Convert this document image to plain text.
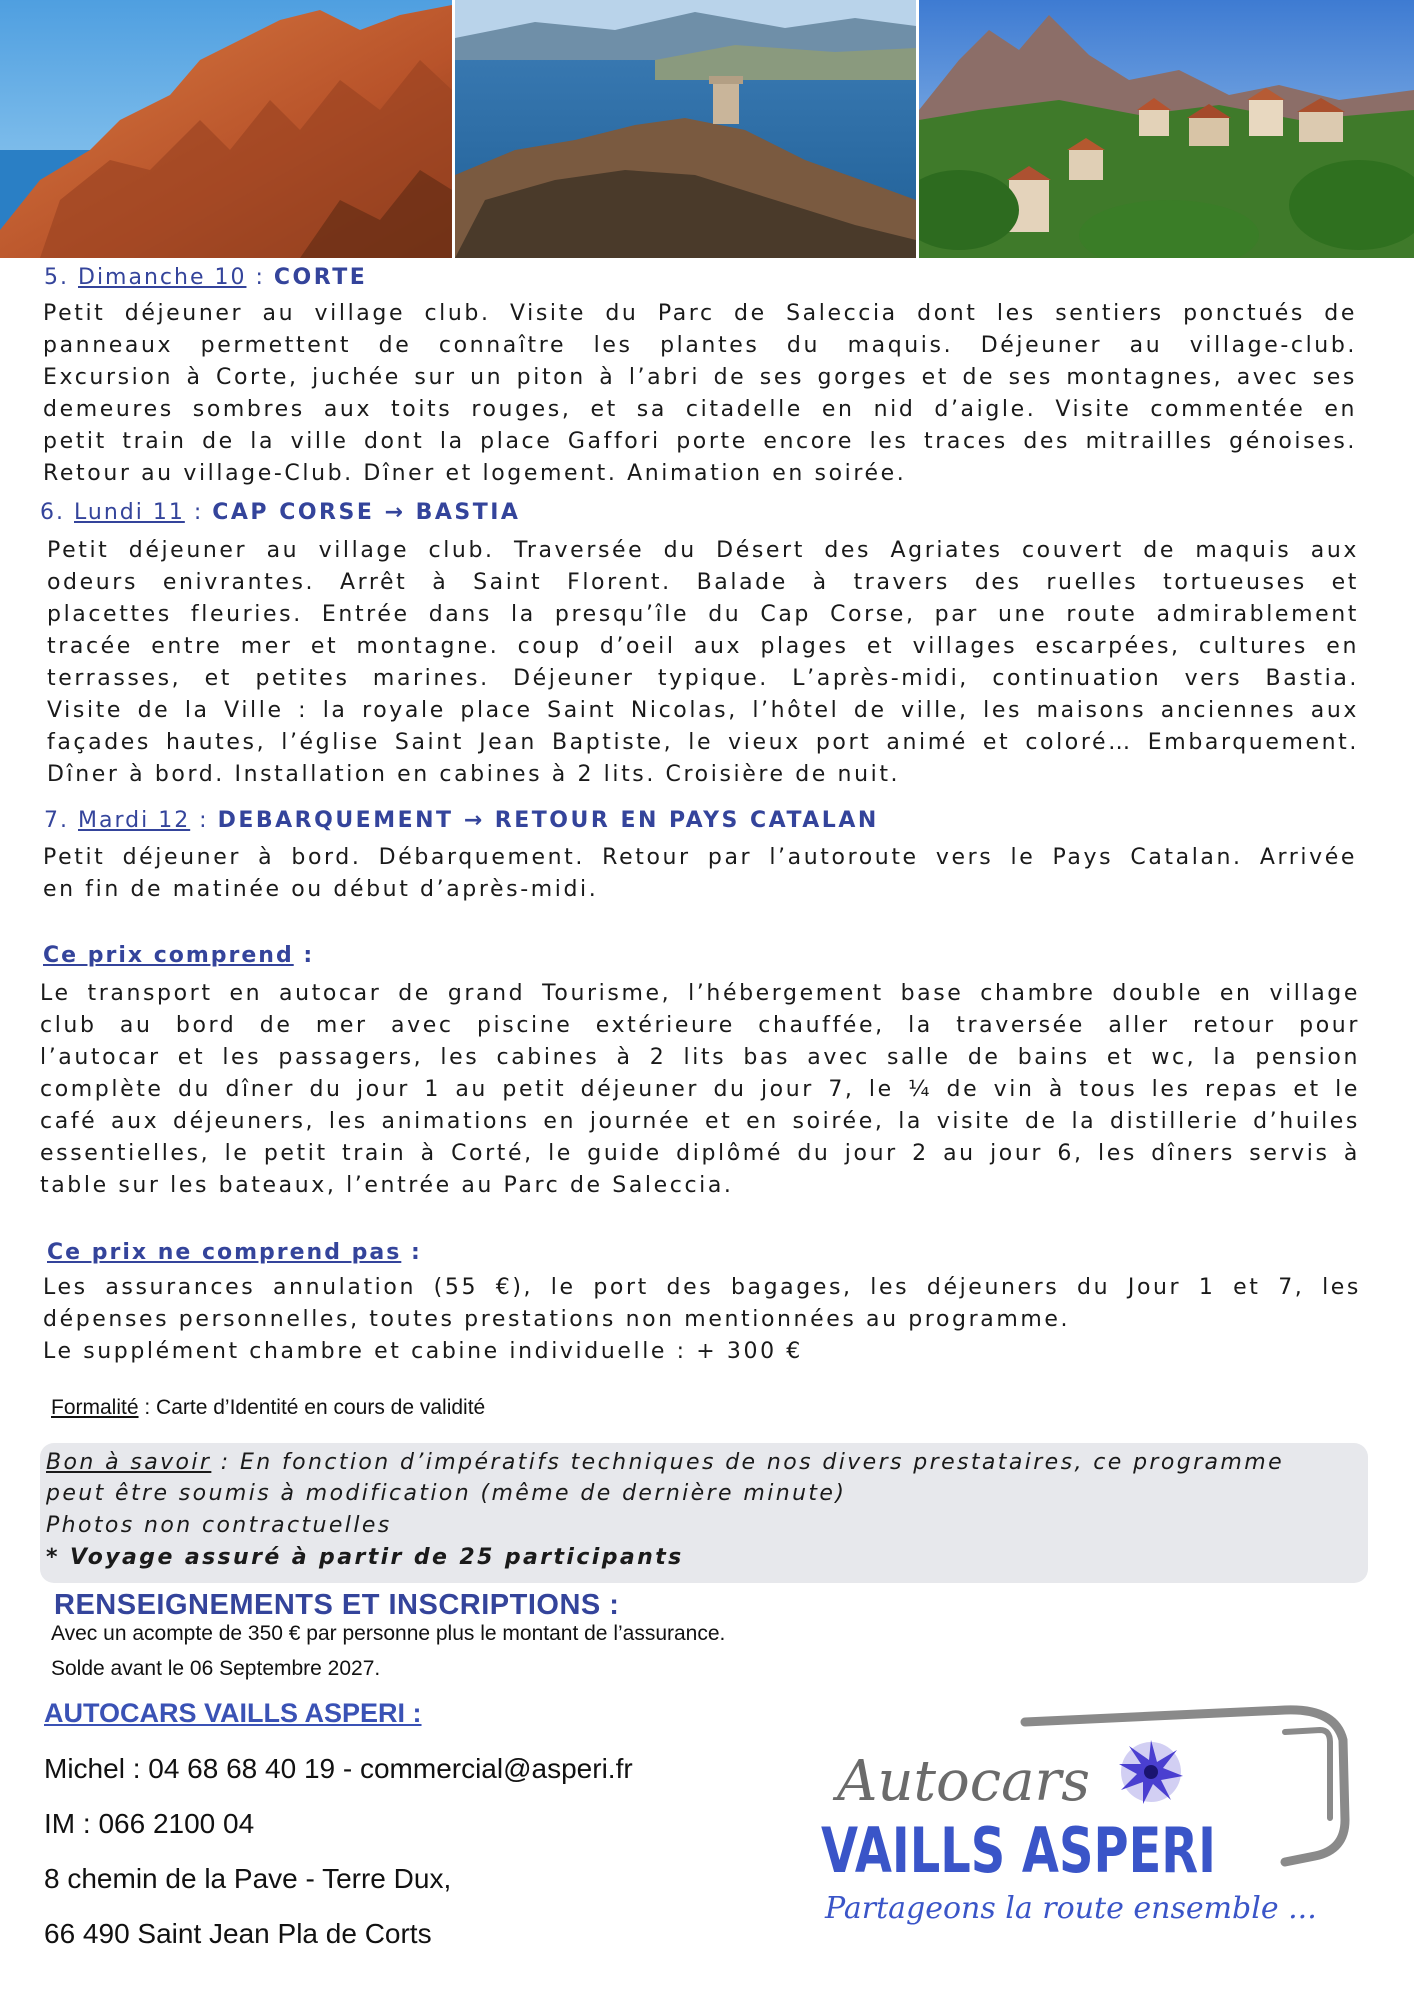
5. Dimanche 10 : CORTE
Petit déjeuner au village club. Visite du Parc de Saleccia dont les sentiers ponctués de
panneaux permettent de connaître les plantes du maquis. Déjeuner au village-club.
Excursion à Corte, juchée sur un piton à l’abri de ses gorges et de ses montagnes, avec ses
demeures sombres aux toits rouges, et sa citadelle en nid d’aigle. Visite commentée en
petit train de la ville dont la place Gaffori porte encore les traces des mitrailles génoises.
Retour au village-Club. Dîner et logement. Animation en soirée.
6. Lundi 11 : CAP CORSE → BASTIA
Petit déjeuner au village club. Traversée du Désert des Agriates couvert de maquis aux
odeurs enivrantes. Arrêt à Saint Florent. Balade à travers des ruelles tortueuses et
placettes fleuries. Entrée dans la presqu’île du Cap Corse, par une route admirablement
tracée entre mer et montagne. coup d’oeil aux plages et villages escarpées, cultures en
terrasses, et petites marines. Déjeuner typique. L’après-midi, continuation vers Bastia.
Visite de la Ville : la royale place Saint Nicolas, l’hôtel de ville, les maisons anciennes aux
façades hautes, l’église Saint Jean Baptiste, le vieux port animé et coloré… Embarquement.
Dîner à bord. Installation en cabines à 2 lits. Croisière de nuit.
7. Mardi 12 : DEBARQUEMENT → RETOUR EN PAYS CATALAN
Petit déjeuner à bord. Débarquement. Retour par l’autoroute vers le Pays Catalan. Arrivée
en fin de matinée ou début d’après-midi.
Ce prix comprend :
Le transport en autocar de grand Tourisme, l’hébergement base chambre double en village
club au bord de mer avec piscine extérieure chauffée, la traversée aller retour pour
l’autocar et les passagers, les cabines à 2 lits bas avec salle de bains et wc, la pension
complète du dîner du jour 1 au petit déjeuner du jour 7, le ¼ de vin à tous les repas et le
café aux déjeuners, les animations en journée et en soirée, la visite de la distillerie d’huiles
essentielles, le petit train à Corté, le guide diplômé du jour 2 au jour 6, les dîners servis à
table sur les bateaux, l’entrée au Parc de Saleccia.
Ce prix ne comprend pas :
Les assurances annulation (55 €), le port des bagages, les déjeuners du Jour 1 et 7, les
dépenses personnelles, toutes prestations non mentionnées au programme.
Le supplément chambre et cabine individuelle : + 300 €
Formalité : Carte d’Identité en cours de validité
Bon à savoir : En fonction d’impératifs techniques de nos divers prestataires, ce programme
peut être soumis à modification (même de dernière minute)
Photos non contractuelles
* Voyage assuré à partir de 25 participants
RENSEIGNEMENTS ET INSCRIPTIONS :
Avec un acompte de 350 € par personne plus le montant de l’assurance.
Solde avant le 06 Septembre 2027.
AUTOCARS VAILLS ASPERI :
Michel : 04 68 68 40 19 - commercial@asperi.fr
IM : 066 2100 04
8 chemin de la Pave - Terre Dux,
66 490 Saint Jean Pla de Corts
Autocars
VAILLS ASPERI
Partageons la route ensemble ...
